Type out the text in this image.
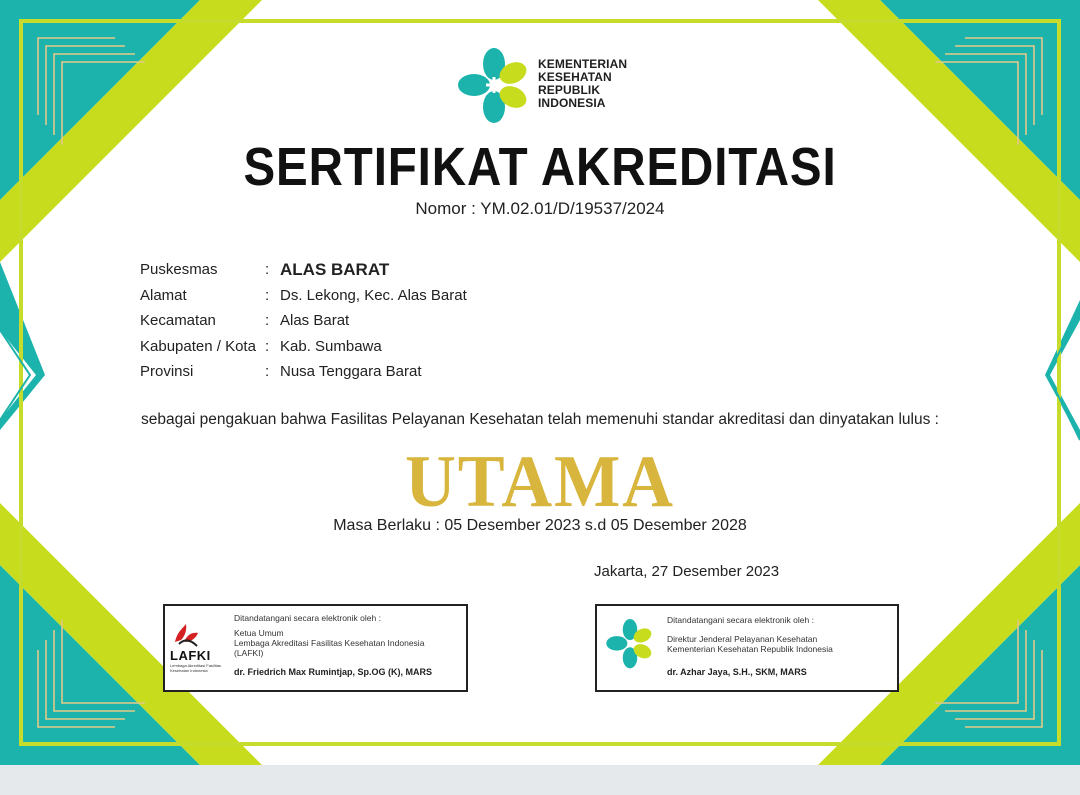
KEMENTERIAN
KESEHATAN
REPUBLIK
INDONESIA
SERTIFIKAT AKREDITASI
Nomor : YM.02.01/D/19537/2024
Puskesmas	: ALAS BARAT
Alamat	: Ds. Lekong, Kec. Alas Barat
Kecamatan	: Alas Barat
Kabupaten / Kota : Kab. Sumbawa
Provinsi	: Nusa Tenggara Barat
sebagai pengakuan bahwa Fasilitas Pelayanan Kesehatan telah memenuhi standar akreditasi dan dinyatakan lulus :
UTAMA
Masa Berlaku : 05 Desember 2023 s.d 05 Desember 2028
Jakarta, 27 Desember 2023
LAFKI
Lembaga Akreditasi Fasilitas Kesehatan Indonesia
Ditandatangani secara elektronik oleh :
Ketua Umum
Lembaga Akreditasi Fasilitas Kesehatan Indonesia
(LAFKI)
dr. Friedrich Max Rumintjap, Sp.OG (K), MARS
Ditandatangani secara elektronik oleh :
Direktur Jenderal Pelayanan Kesehatan
Kementerian Kesehatan Republik Indonesia
dr. Azhar Jaya, S.H., SKM, MARS
